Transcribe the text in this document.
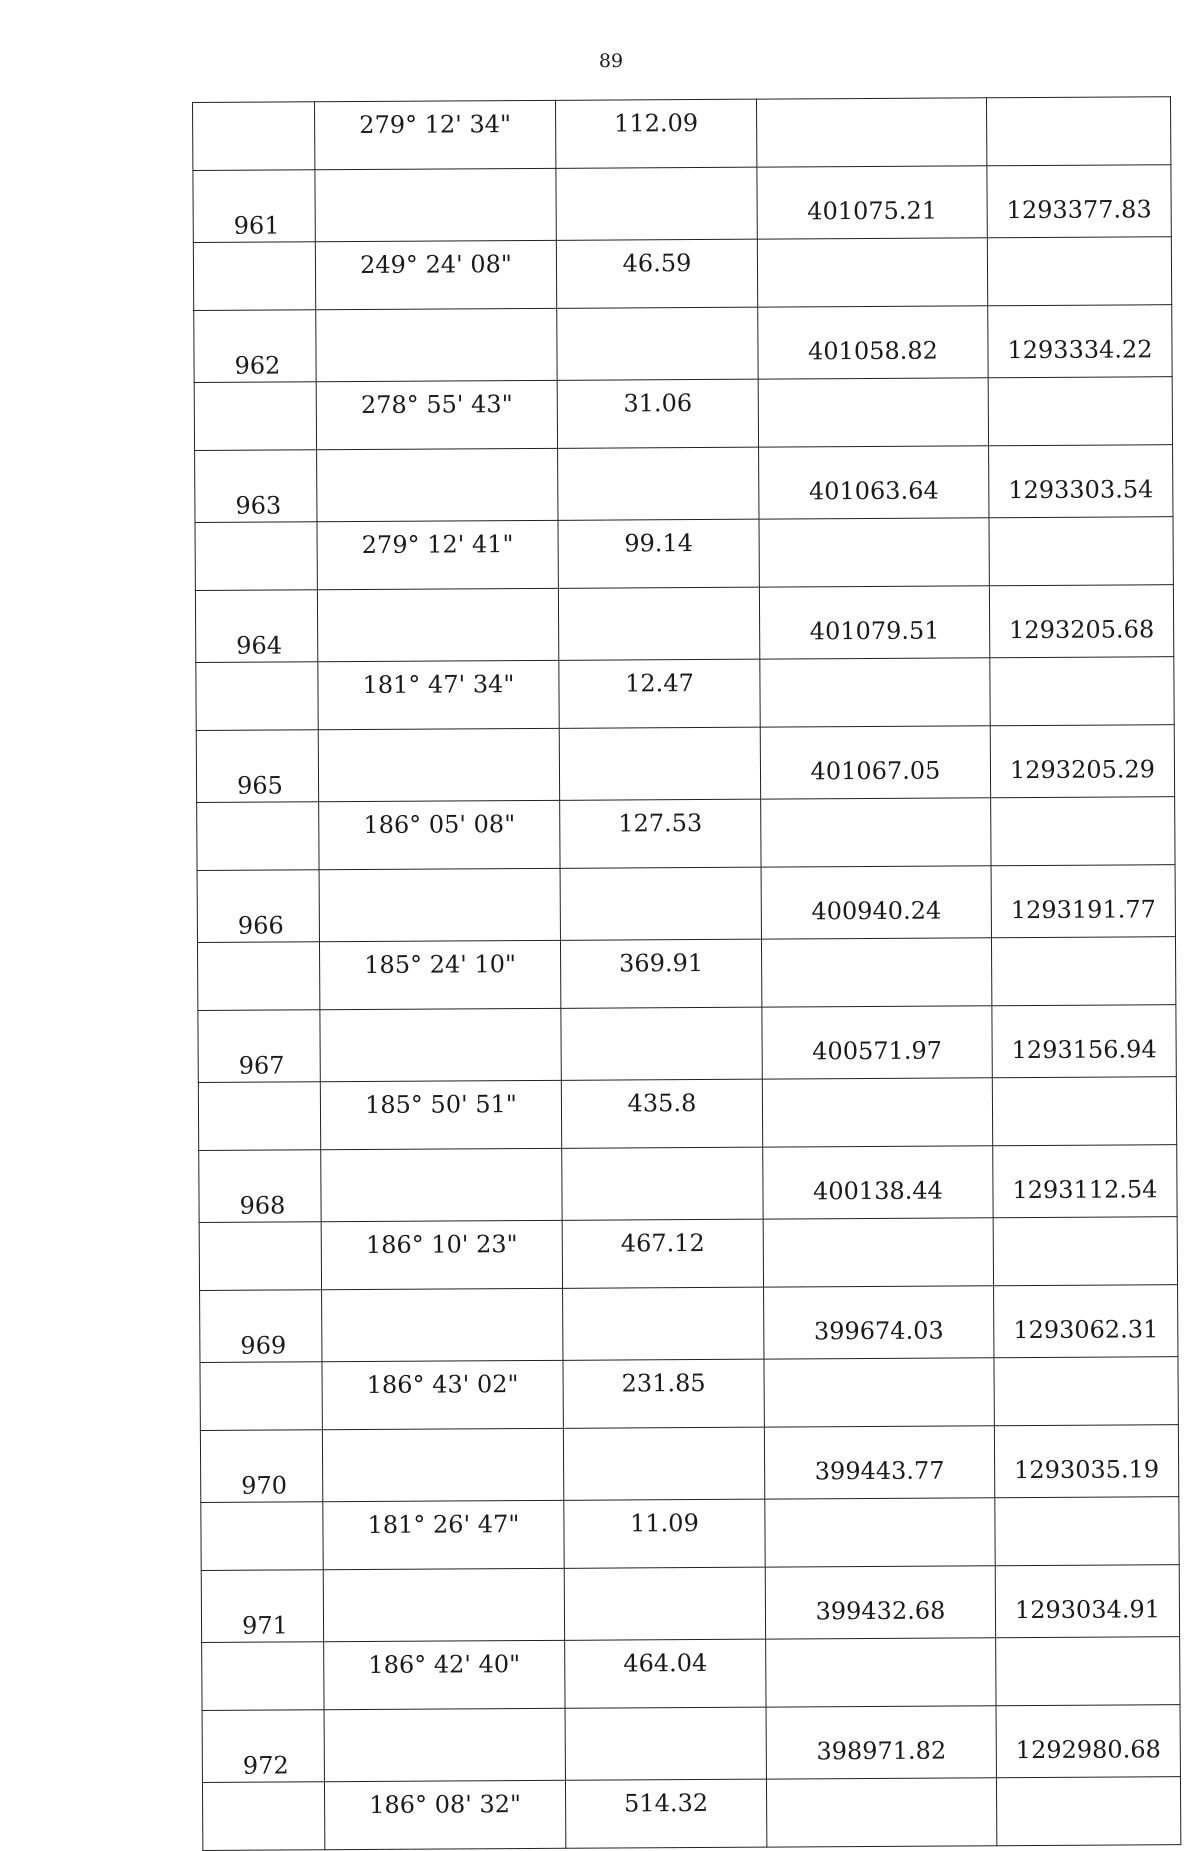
89
	279° 12' 34"	112.09		
961			401075.21	1293377.83
	249° 24' 08"	46.59		
962			401058.82	1293334.22
	278° 55' 43"	31.06		
963			401063.64	1293303.54
	279° 12' 41"	99.14		
964			401079.51	1293205.68
	181° 47' 34"	12.47		
965			401067.05	1293205.29
	186° 05' 08"	127.53		
966			400940.24	1293191.77
	185° 24' 10"	369.91		
967			400571.97	1293156.94
	185° 50' 51"	435.8		
968			400138.44	1293112.54
	186° 10' 23"	467.12		
969			399674.03	1293062.31
	186° 43' 02"	231.85		
970			399443.77	1293035.19
	181° 26' 47"	11.09		
971			399432.68	1293034.91
	186° 42' 40"	464.04		
972			398971.82	1292980.68
	186° 08' 32"	514.32		
